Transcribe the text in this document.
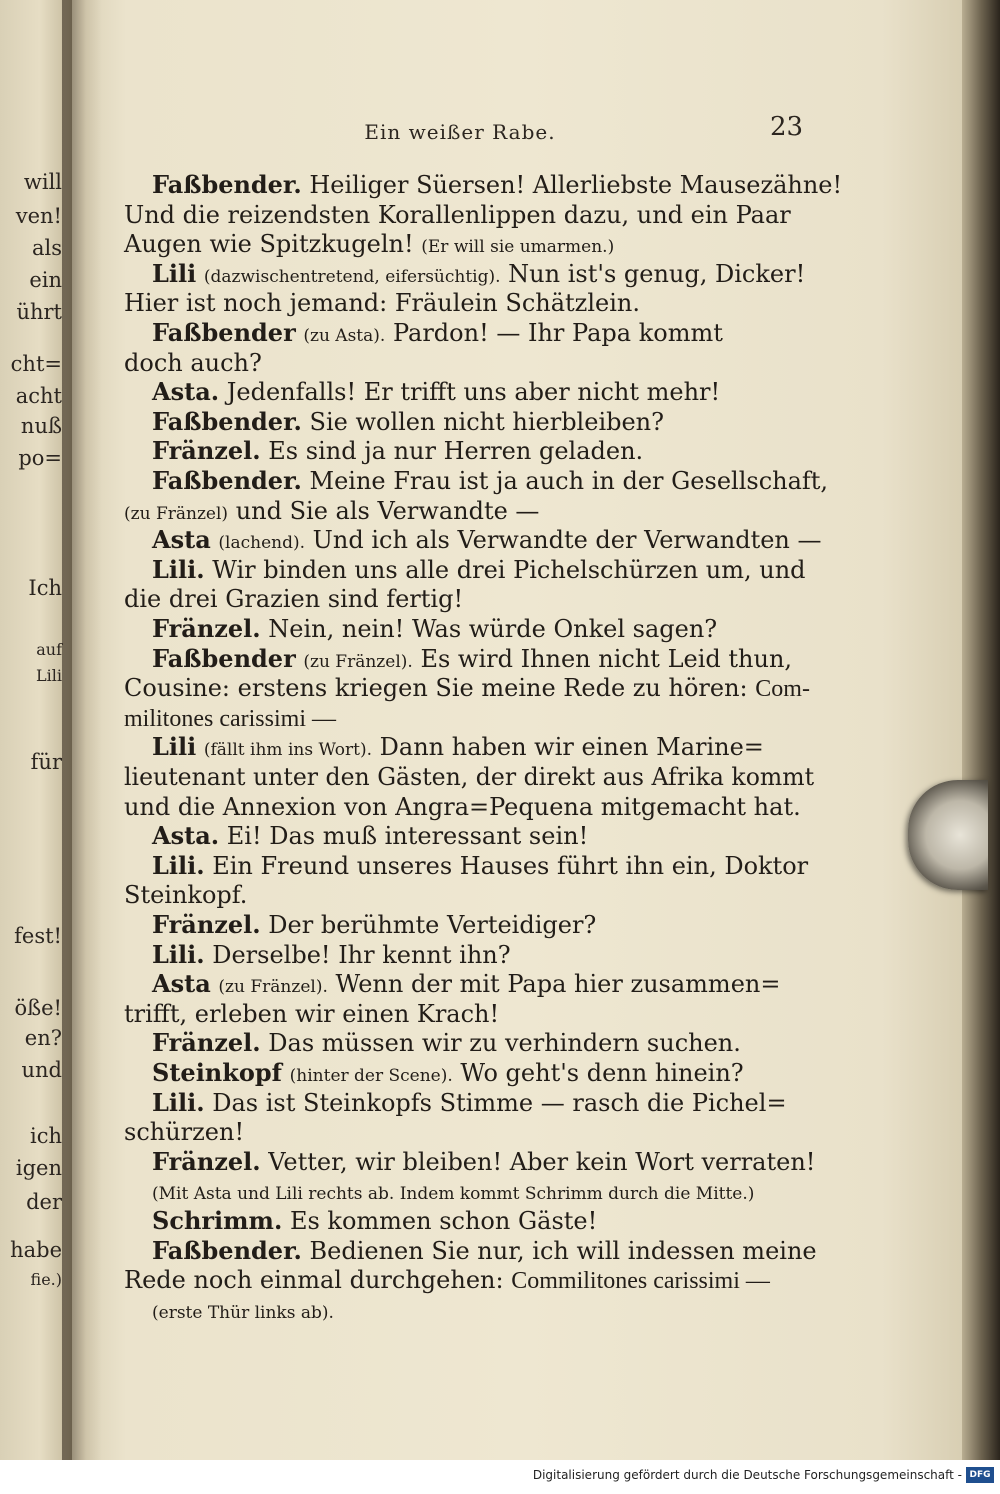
will
ven!
als
ein
ührt
cht=
acht
nuß
po=
Ich
auf
Lili
für
fest!
öße!
en?
und
ich
igen
der
habe
fie.)
Ein weißer Rabe.	23
Faßbender. Heiliger Süersen! Allerliebste Mausezähne!
Und die reizendsten Korallenlippen dazu, und ein Paar
Augen wie Spitzkugeln! (Er will sie umarmen.)
Lili (dazwischentretend, eifersüchtig). Nun ist's genug, Dicker!
Hier ist noch jemand: Fräulein Schätzlein.
Faßbender (zu Asta). Pardon! — Ihr Papa kommt
doch auch?
Asta. Jedenfalls! Er trifft uns aber nicht mehr!
Faßbender. Sie wollen nicht hierbleiben?
Fränzel. Es sind ja nur Herren geladen.
Faßbender. Meine Frau ist ja auch in der Gesellschaft,
(zu Fränzel) und Sie als Verwandte —
Asta (lachend). Und ich als Verwandte der Verwandten —
Lili. Wir binden uns alle drei Pichelschürzen um, und
die drei Grazien sind fertig!
Fränzel. Nein, nein! Was würde Onkel sagen?
Faßbender (zu Fränzel). Es wird Ihnen nicht Leid thun,
Cousine: erstens kriegen Sie meine Rede zu hören: Com-
militones carissimi —
Lili (fällt ihm ins Wort). Dann haben wir einen Marine=
lieutenant unter den Gästen, der direkt aus Afrika kommt
und die Annexion von Angra=Pequena mitgemacht hat.
Asta. Ei! Das muß interessant sein!
Lili. Ein Freund unseres Hauses führt ihn ein, Doktor
Steinkopf.
Fränzel. Der berühmte Verteidiger?
Lili. Derselbe! Ihr kennt ihn?
Asta (zu Fränzel). Wenn der mit Papa hier zusammen=
trifft, erleben wir einen Krach!
Fränzel. Das müssen wir zu verhindern suchen.
Steinkopf (hinter der Scene). Wo geht's denn hinein?
Lili. Das ist Steinkopfs Stimme — rasch die Pichel=
schürzen!
Fränzel. Vetter, wir bleiben! Aber kein Wort verraten!
(Mit Asta und Lili rechts ab. Indem kommt Schrimm durch die Mitte.)
Schrimm. Es kommen schon Gäste!
Faßbender. Bedienen Sie nur, ich will indessen meine
Rede noch einmal durchgehen: Commilitones carissimi —
(erste Thür links ab).
Digitalisierung gefördert durch die Deutsche Forschungsgemeinschaft - DFG
